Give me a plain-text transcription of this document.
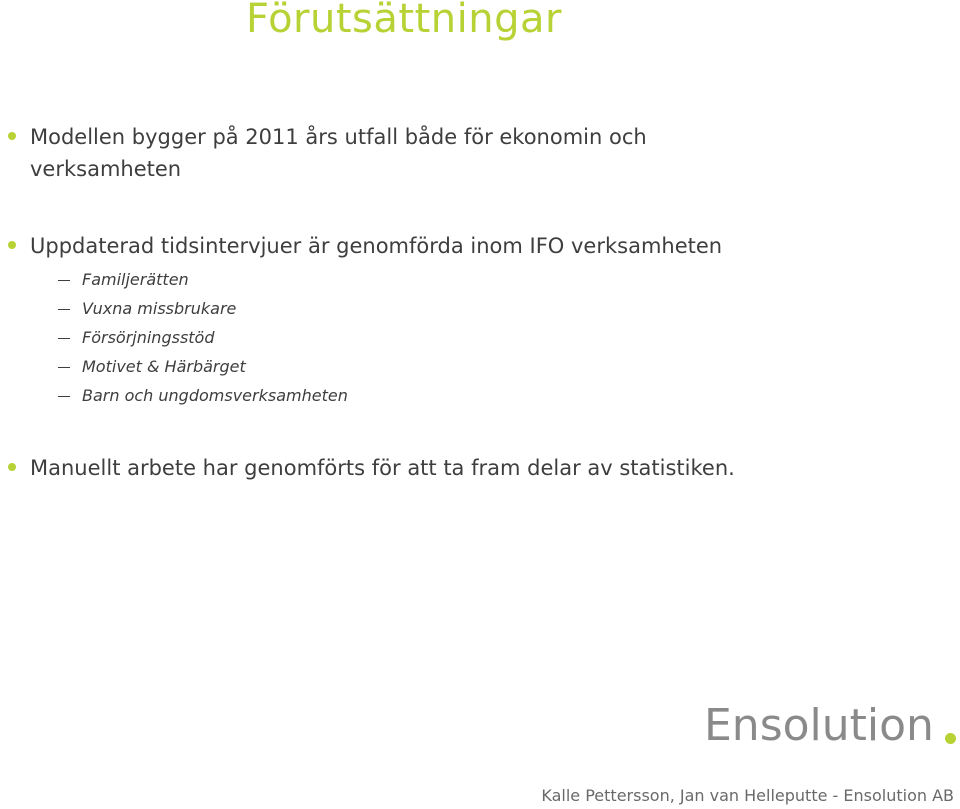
Förutsättningar
Modellen bygger på 2011 års utfall både för ekonomin och
verksamheten
Uppdaterad tidsintervjuer är genomförda inom IFO verksamheten
Familjerätten
Vuxna missbrukare
Försörjningsstöd
Motivet & Härbärget
Barn och ungdomsverksamheten
Manuellt arbete har genomförts för att ta fram delar av statistiken.
Ensolution
Kalle Pettersson, Jan van Helleputte - Ensolution AB
